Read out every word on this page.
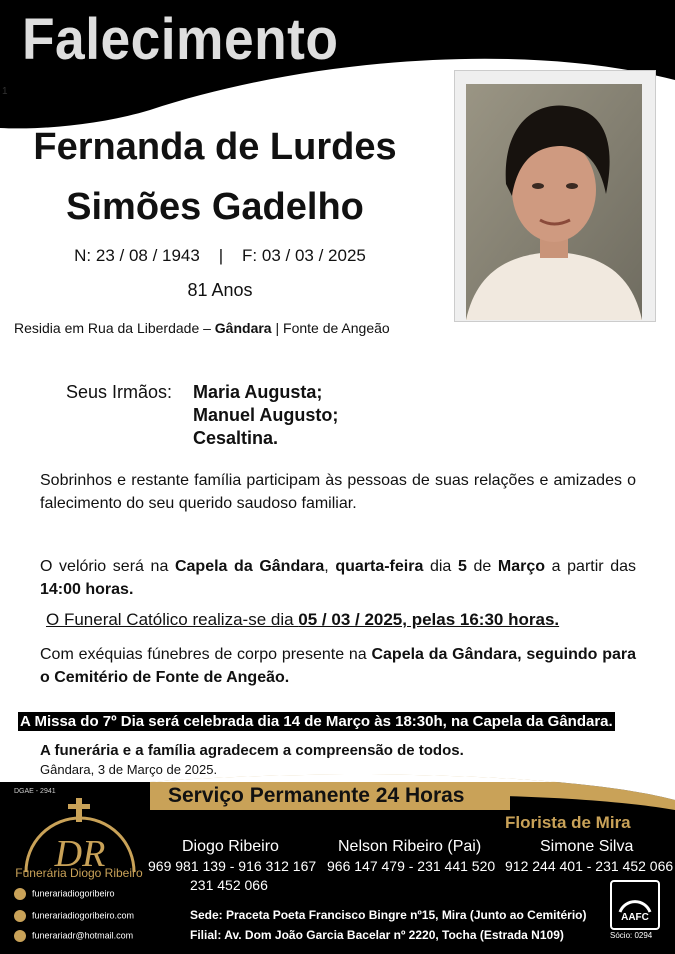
Falecimento
1
Fernanda de Lurdes
Simões Gadelho
N: 23 / 08 / 1943    |    F: 03 / 03 / 2025
81 Anos
Residia em Rua da Liberdade – Gândara | Fonte de Angeão
Seus Irmãos: Maria Augusta;
Manuel Augusto;
Cesaltina.
Sobrinhos e restante família participam às pessoas de suas relações e amizades o falecimento do seu querido saudoso familiar.
O velório será na Capela da Gândara, quarta-feira dia 5 de Março a partir das 14:00 horas.
O Funeral Católico realiza-se dia 05 / 03 / 2025, pelas 16:30 horas.
Com exéquias fúnebres de corpo presente na Capela da Gândara, seguindo para o Cemitério de Fonte de Angeão.
A Missa do 7º Dia será celebrada dia 14 de Março às 18:30h, na Capela da Gândara.
A funerária e a família agradecem a compreensão de todos.
Gândara, 3 de Março de 2025.
DGAE - 2941	Serviço Permanente 24 Horas
Florista de Mira
DR
Funerária Diogo Ribeiro
Diogo Ribeiro
969 981 139 - 916 312 167
231 452 066
Nelson Ribeiro (Pai)
966 147 479 - 231 441 520
Simone Silva
912 244 401 - 231 452 066
funerariadiogoribeiro
funerariadiogoribeiro.com
funerariadr@hotmail.com
Sede: Praceta Poeta Francisco Bingre nº15, Mira (Junto ao Cemitério)
Filial: Av. Dom João Garcia Bacelar nº 2220, Tocha (Estrada N109)
AAFC
Sócio: 0294
